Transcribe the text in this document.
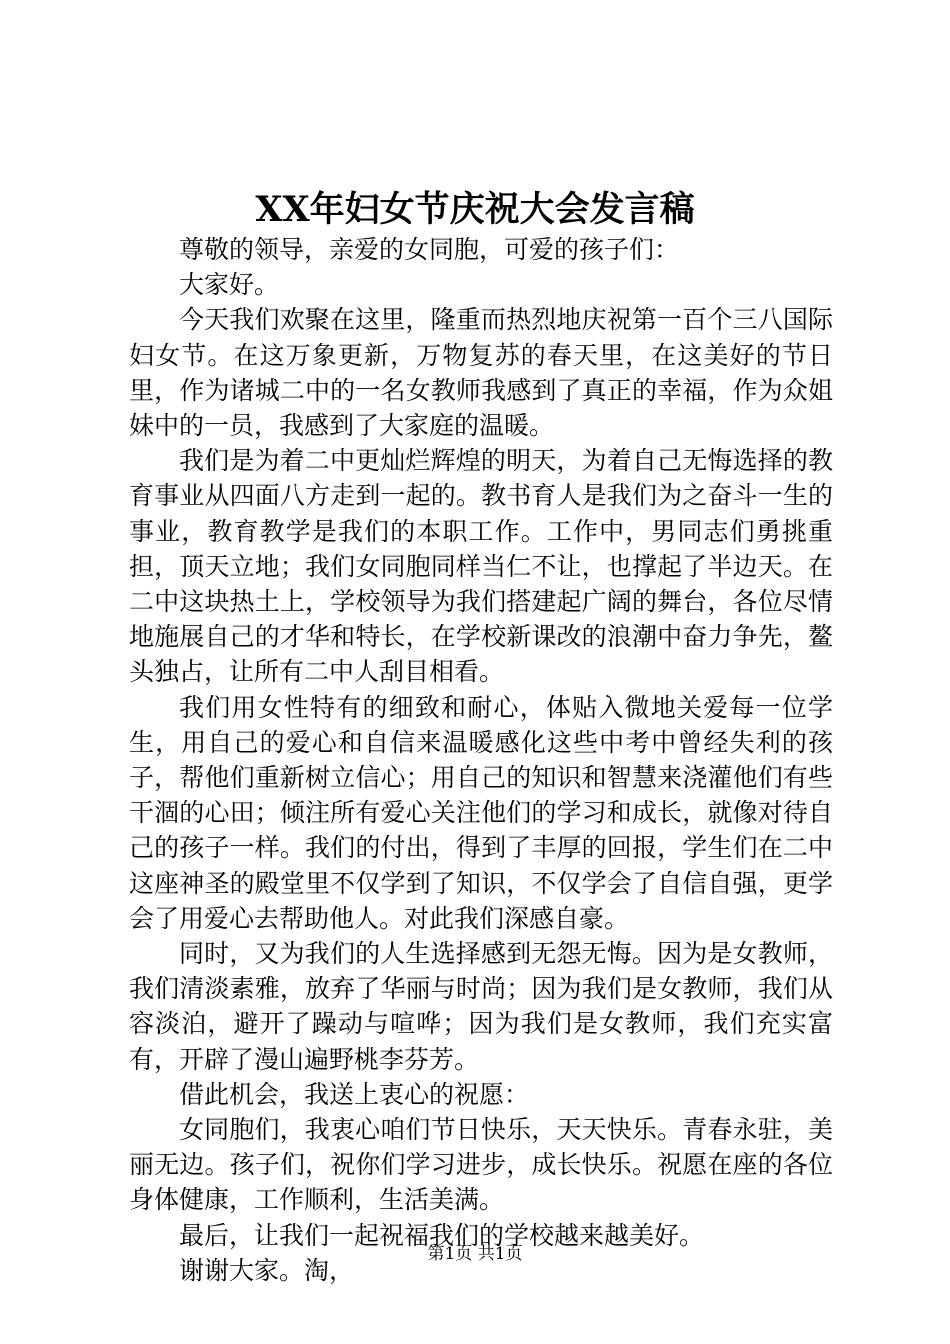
XX年妇女节庆祝大会发言稿

尊敬的领导，亲爱的女同胞，可爱的孩子们：

大家好。

今天我们欢聚在这里，隆重而热烈地庆祝第一百个三八国际妇女节。在这万象更新，万物复苏的春天里，在这美好的节日里，作为诸城二中的一名女教师我感到了真正的幸福，作为众姐妹中的一员，我感到了大家庭的温暖。

我们是为着二中更灿烂辉煌的明天，为着自己无悔选择的教育事业从四面八方走到一起的。教书育人是我们为之奋斗一生的事业，教育教学是我们的本职工作。工作中，男同志们勇挑重担，顶天立地；我们女同胞同样当仁不让，也撑起了半边天。在二中这块热土上，学校领导为我们搭建起广阔的舞台，各位尽情地施展自己的才华和特长，在学校新课改的浪潮中奋力争先，鳌头独占，让所有二中人刮目相看。

我们用女性特有的细致和耐心，体贴入微地关爱每一位学生，用自己的爱心和自信来温暖感化这些中考中曾经失利的孩子，帮他们重新树立信心；用自己的知识和智慧来浇灌他们有些干涸的心田；倾注所有爱心关注他们的学习和成长，就像对待自己的孩子一样。我们的付出，得到了丰厚的回报，学生们在二中这座神圣的殿堂里不仅学到了知识，不仅学会了自信自强，更学会了用爱心去帮助他人。对此我们深感自豪。

同时，又为我们的人生选择感到无怨无悔。因为是女教师，我们清淡素雅，放弃了华丽与时尚；因为我们是女教师，我们从容淡泊，避开了躁动与喧哗；因为我们是女教师，我们充实富有，开辟了漫山遍野桃李芬芳。

借此机会，我送上衷心的祝愿：

女同胞们，我衷心咱们节日快乐，天天快乐。青春永驻，美丽无边。孩子们，祝你们学习进步，成长快乐。祝愿在座的各位身体健康，工作顺利，生活美满。

最后，让我们一起祝福我们的学校越来越美好。

谢谢大家。淘，

第1页 共1页
